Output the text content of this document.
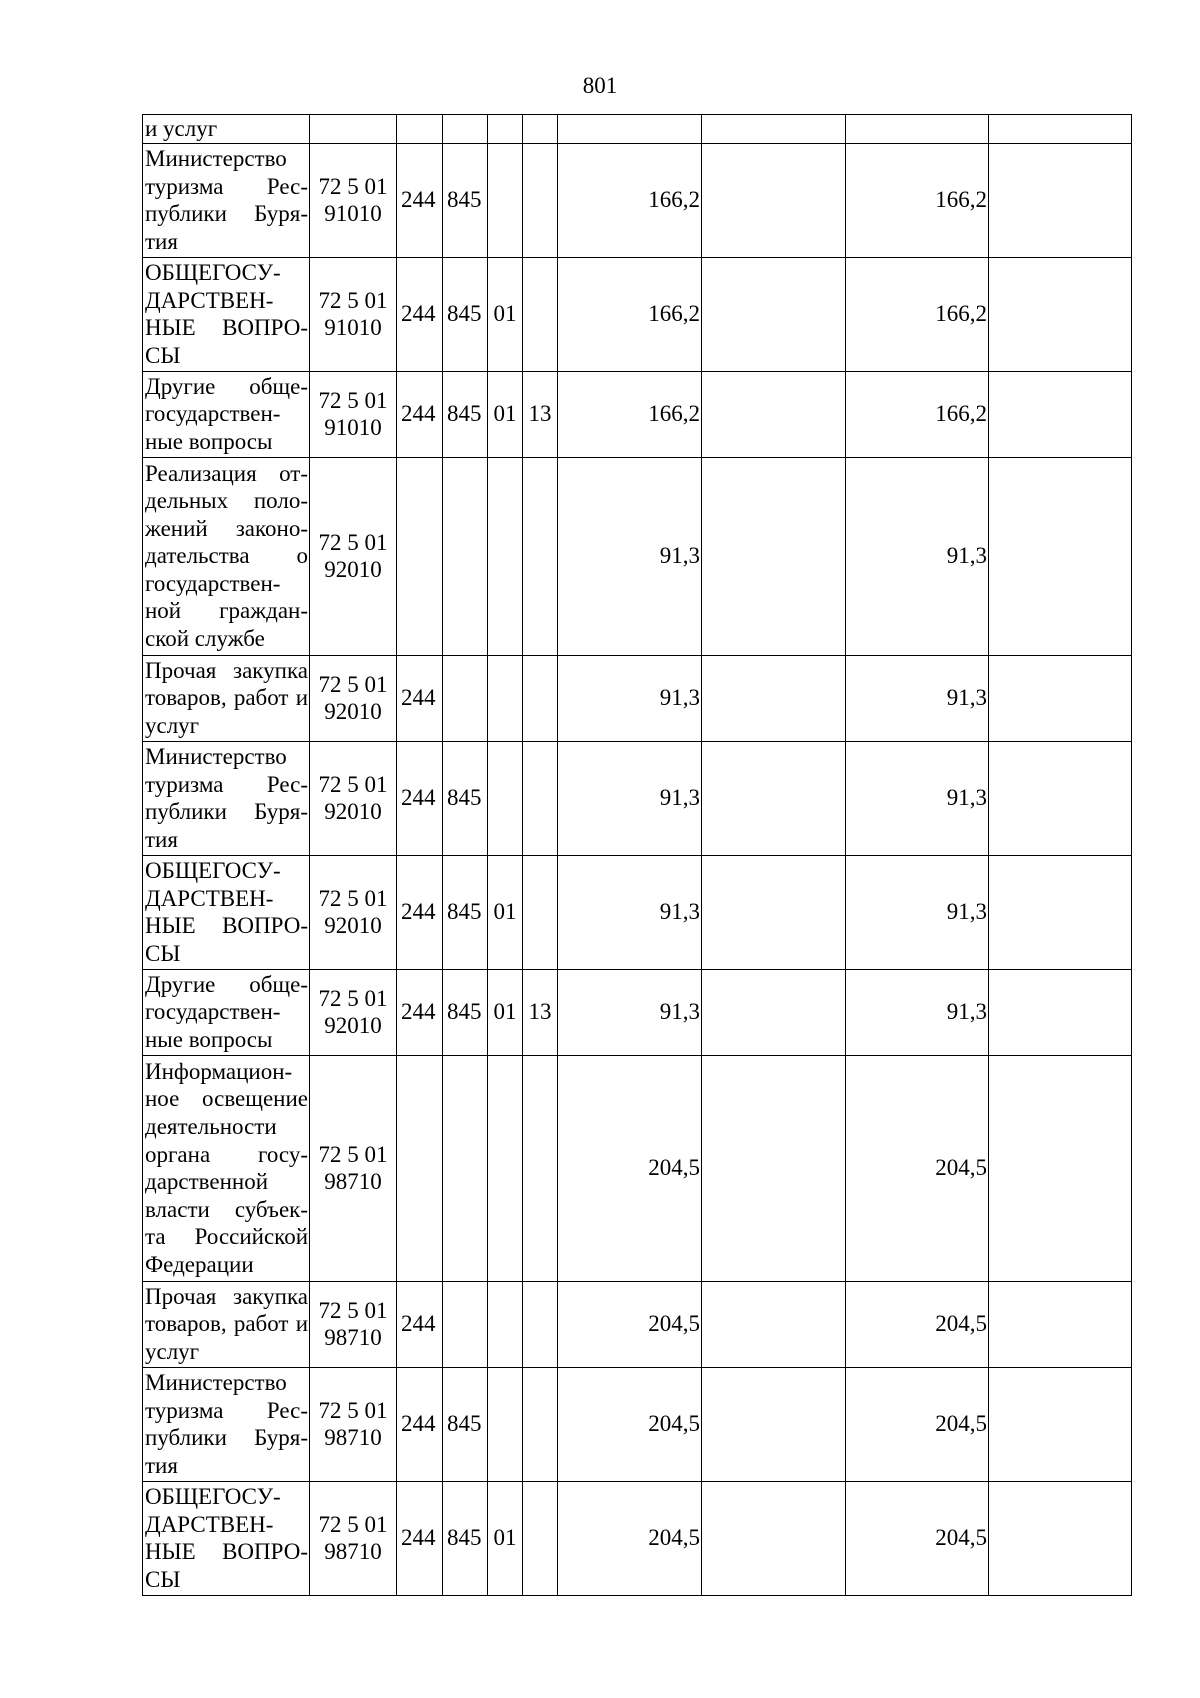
801
и услуг									
Министерство туризма Рес-публики Буря-тия	72 5 01 91010	244	845			166,2		166,2	
ОБЩЕГОСУ-ДАРСТВЕН-НЫЕ ВОПРО-СЫ	72 5 01 91010	244	845	01		166,2		166,2	
Другие обще-государствен-ные вопросы	72 5 01 91010	244	845	01	13	166,2		166,2	
Реализация от-дельных поло-жений законо-дательства о государствен-ной граждан-ской службе	72 5 01 92010					91,3		91,3	
Прочая закупка товаров, работ и услуг	72 5 01 92010	244				91,3		91,3	
Министерство туризма Рес-публики Буря-тия	72 5 01 92010	244	845			91,3		91,3	
ОБЩЕГОСУ-ДАРСТВЕН-НЫЕ ВОПРО-СЫ	72 5 01 92010	244	845	01		91,3		91,3	
Другие обще-государствен-ные вопросы	72 5 01 92010	244	845	01	13	91,3		91,3	
Информацион-ное освещение деятельности органа госу-дарственной власти субъек-та Российской Федерации	72 5 01 98710					204,5		204,5	
Прочая закупка товаров, работ и услуг	72 5 01 98710	244				204,5		204,5	
Министерство туризма Рес-публики Буря-тия	72 5 01 98710	244	845			204,5		204,5	
ОБЩЕГОСУ-ДАРСТВЕН-НЫЕ ВОПРО-СЫ	72 5 01 98710	244	845	01		204,5		204,5	
